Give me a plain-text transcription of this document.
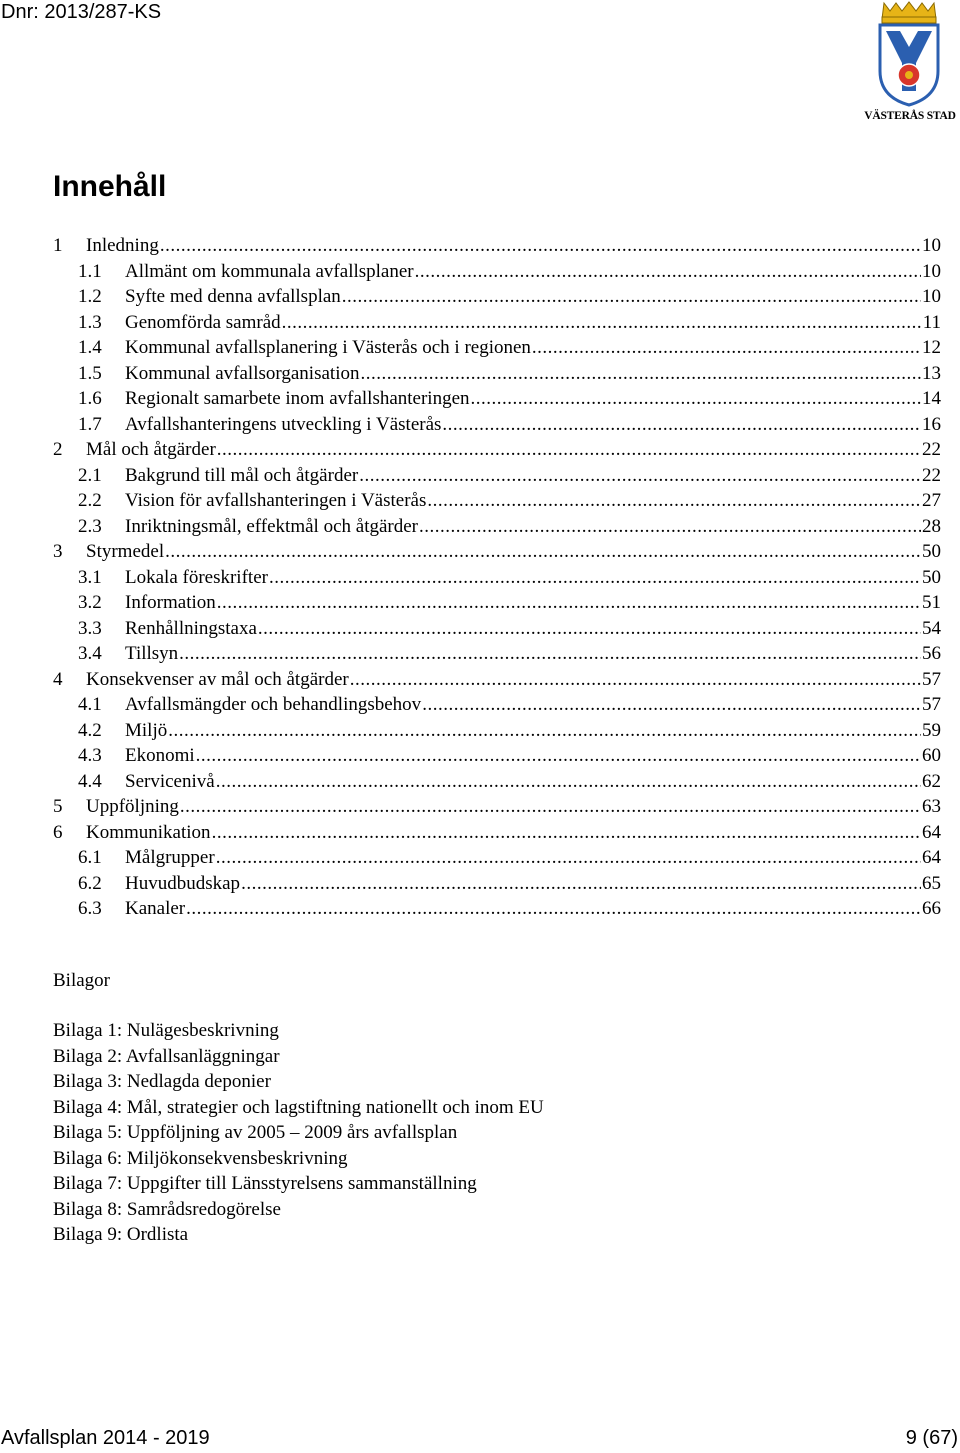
Dnr: 2013/287-KS
VÄSTERÅS STAD
Innehåll
1	Inledning .....	10
1.1	Allmänt om kommunala avfallsplaner .....	10
1.2	Syfte med denna avfallsplan .....	10
1.3	Genomförda samråd .....	11
1.4	Kommunal avfallsplanering i Västerås och i regionen .....	12
1.5	Kommunal avfallsorganisation .....	13
1.6	Regionalt samarbete inom avfallshanteringen .....	14
1.7	Avfallshanteringens utveckling i Västerås .....	16
2	Mål och åtgärder .....	22
2.1	Bakgrund till mål och åtgärder .....	22
2.2	Vision för avfallshanteringen i Västerås .....	27
2.3	Inriktningsmål, effektmål och åtgärder .....	28
3	Styrmedel .....	50
3.1	Lokala föreskrifter .....	50
3.2	Information .....	51
3.3	Renhållningstaxa .....	54
3.4	Tillsyn .....	56
4	Konsekvenser av mål och åtgärder .....	57
4.1	Avfallsmängder och behandlingsbehov .....	57
4.2	Miljö .....	59
4.3	Ekonomi .....	60
4.4	Servicenivå .....	62
5	Uppföljning .....	63
6	Kommunikation .....	64
6.1	Målgrupper .....	64
6.2	Huvudbudskap .....	65
6.3	Kanaler .....	66
Bilagor
Bilaga 1: Nulägesbeskrivning
Bilaga 2: Avfallsanläggningar
Bilaga 3: Nedlagda deponier
Bilaga 4: Mål, strategier och lagstiftning nationellt och inom EU
Bilaga 5: Uppföljning av 2005 – 2009 års avfallsplan
Bilaga 6: Miljökonsekvensbeskrivning
Bilaga 7: Uppgifter till Länsstyrelsens sammanställning
Bilaga 8: Samrådsredogörelse
Bilaga 9: Ordlista
Avfallsplan 2014 - 2019	9 (67)
